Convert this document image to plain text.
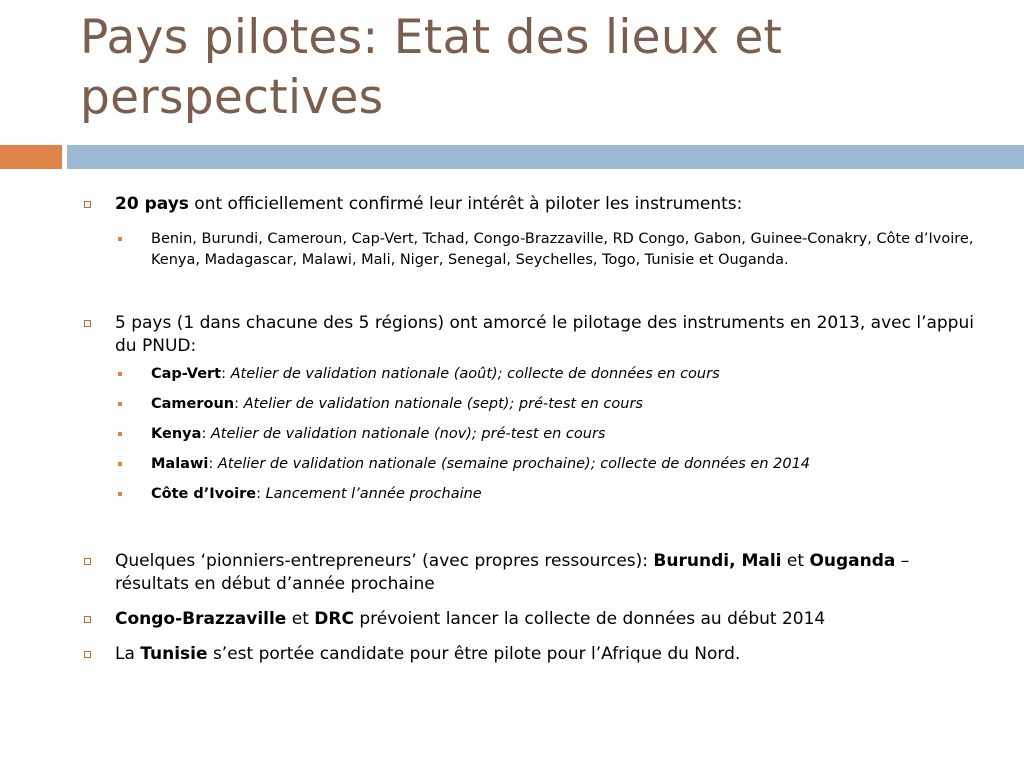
Pays pilotes: Etat des lieux et perspectives
20 pays ont officiellement confirmé leur intérêt à piloter les instruments:
Benin, Burundi, Cameroun, Cap-Vert, Tchad, Congo-Brazzaville, RD Congo, Gabon, Guinee-Conakry, Côte d’Ivoire, Kenya, Madagascar, Malawi, Mali, Niger, Senegal, Seychelles, Togo, Tunisie et Ouganda.
5 pays (1 dans chacune des 5 régions) ont amorcé le pilotage des instruments en 2013, avec l’appui du PNUD:
Cap-Vert: Atelier de validation nationale (août); collecte de données en cours
Cameroun: Atelier de validation nationale (sept); pré-test en cours
Kenya: Atelier de validation nationale (nov); pré-test en cours
Malawi: Atelier de validation nationale (semaine prochaine); collecte de données en 2014
Côte d’Ivoire: Lancement l’année prochaine
Quelques ‘pionniers-entrepreneurs’ (avec propres ressources): Burundi, Mali et Ouganda – résultats en début d’année prochaine
Congo-Brazzaville et DRC prévoient lancer la collecte de données au début 2014
La Tunisie s’est portée candidate pour être pilote pour l’Afrique du Nord.
